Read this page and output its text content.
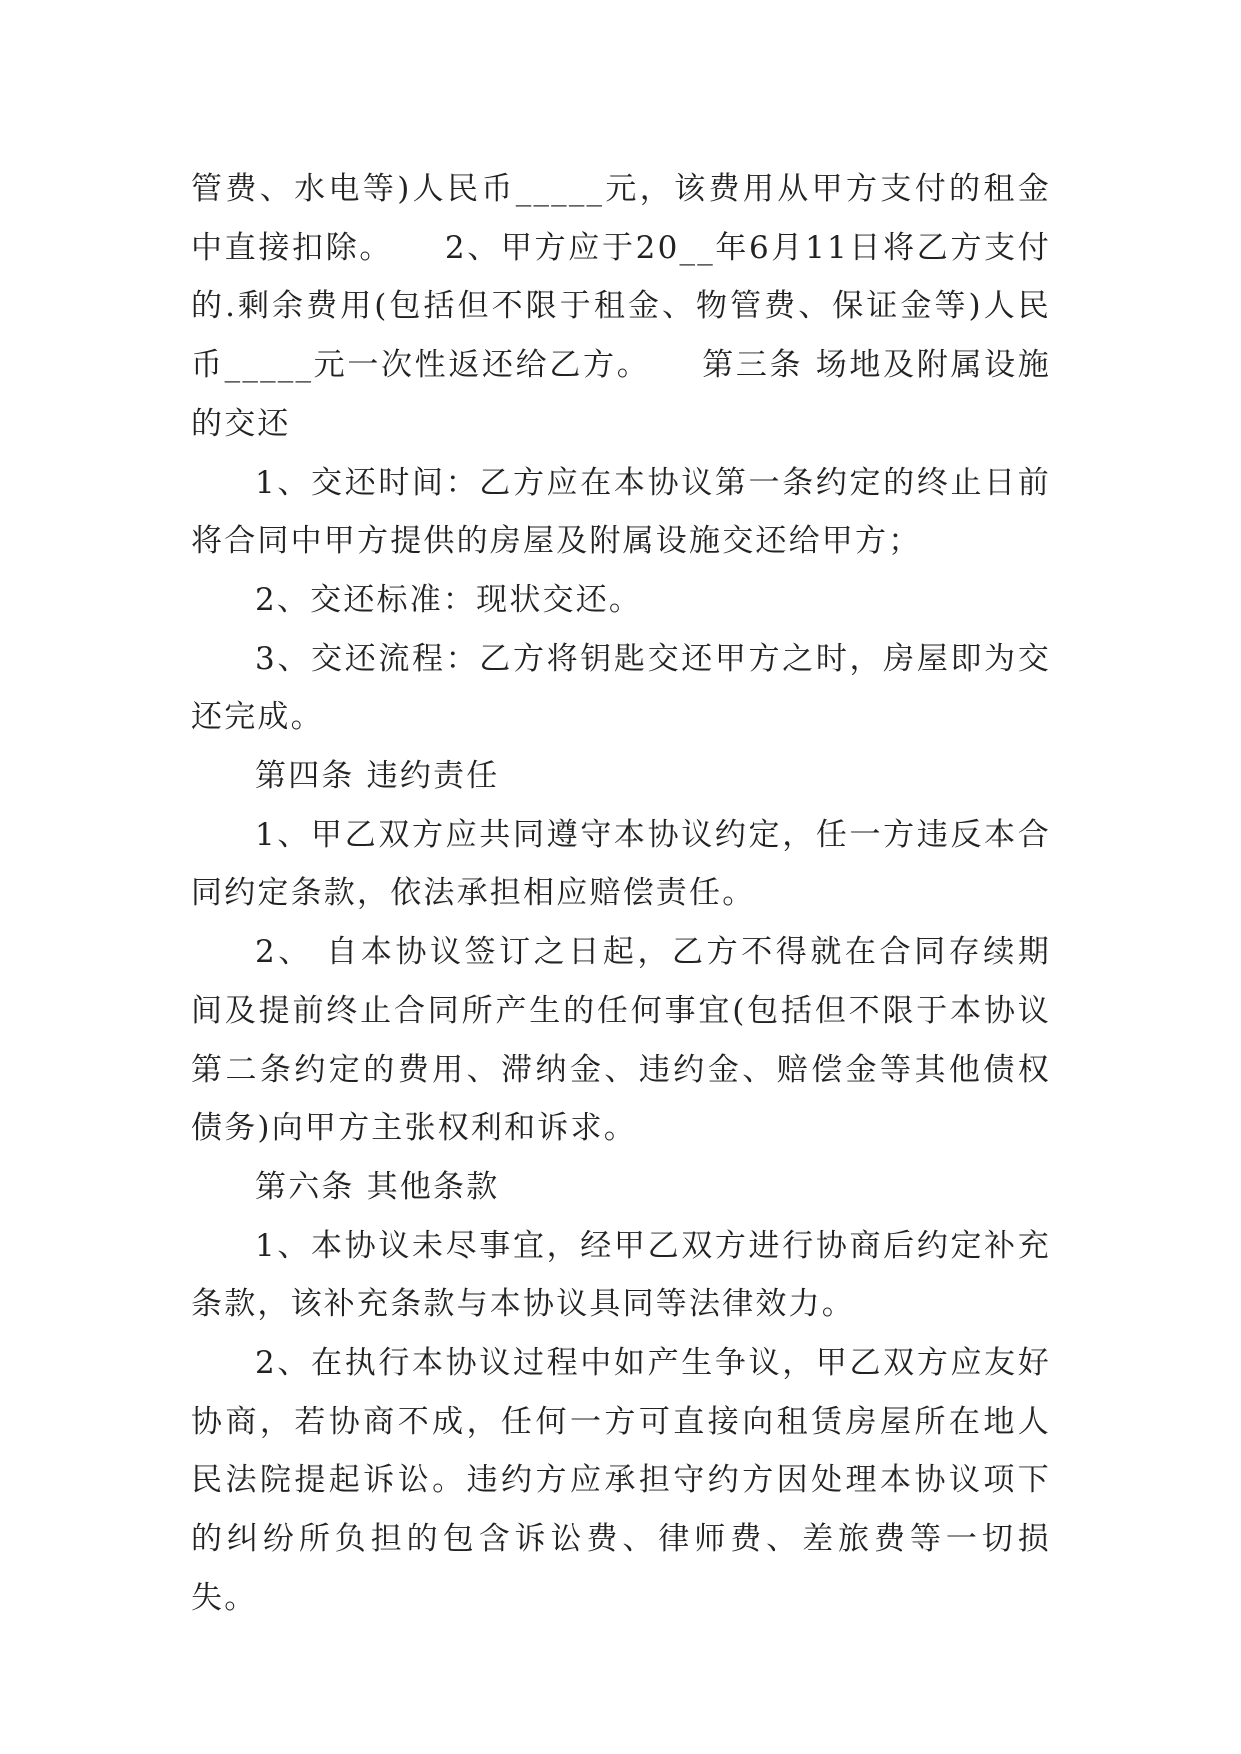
管费、水电等)人民币_____元，该费用从甲方支付的租金中直接扣除。　　2、甲方应于20__年6月11日将乙方支付的.剩余费用(包括但不限于租金、物管费、保证金等)人民币_____元一次性返还给乙方。　　第三条 场地及附属设施的交还

1、交还时间：乙方应在本协议第一条约定的终止日前将合同中甲方提供的房屋及附属设施交还给甲方；

2、交还标准：现状交还。

3、交还流程：乙方将钥匙交还甲方之时，房屋即为交还完成。

第四条 违约责任

1、甲乙双方应共同遵守本协议约定，任一方违反本合同约定条款，依法承担相应赔偿责任。

2、 自本协议签订之日起，乙方不得就在合同存续期间及提前终止合同所产生的任何事宜(包括但不限于本协议第二条约定的费用、滞纳金、违约金、赔偿金等其他债权债务)向甲方主张权利和诉求。

第六条 其他条款

1、本协议未尽事宜，经甲乙双方进行协商后约定补充条款，该补充条款与本协议具同等法律效力。

2、在执行本协议过程中如产生争议，甲乙双方应友好协商，若协商不成，任何一方可直接向租赁房屋所在地人民法院提起诉讼。违约方应承担守约方因处理本协议项下的纠纷所负担的包含诉讼费、律师费、差旅费等一切损失。
